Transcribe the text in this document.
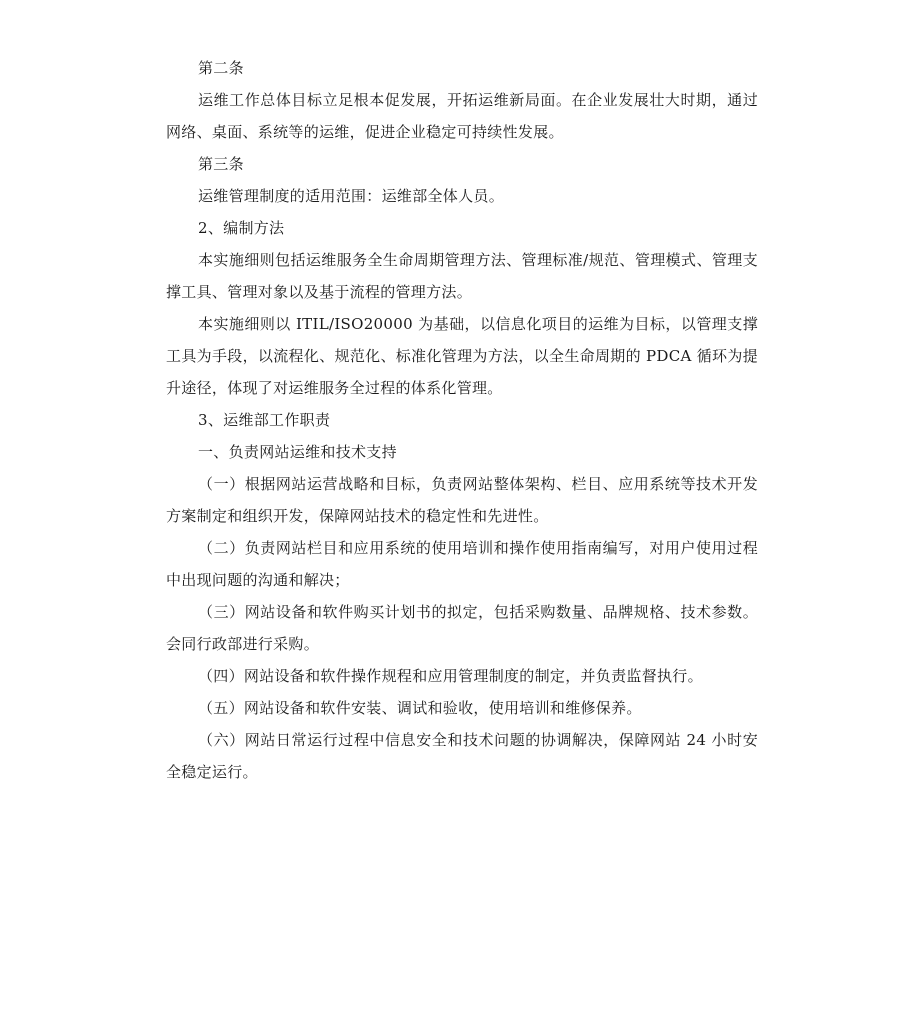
第二条

运维工作总体目标立足根本促发展，开拓运维新局面。在企业发展壮大时期，通过网络、桌面、系统等的运维，促进企业稳定可持续性发展。

第三条

运维管理制度的适用范围：运维部全体人员。

2、编制方法

本实施细则包括运维服务全生命周期管理方法、管理标准/规范、管理模式、管理支撑工具、管理对象以及基于流程的管理方法。

本实施细则以 ITIL/ISO20000 为基础，以信息化项目的运维为目标，以管理支撑工具为手段，以流程化、规范化、标准化管理为方法，以全生命周期的 PDCA 循环为提升途径，体现了对运维服务全过程的体系化管理。

3、运维部工作职责

一、负责网站运维和技术支持

（一）根据网站运营战略和目标，负责网站整体架构、栏目、应用系统等技术开发方案制定和组织开发，保障网站技术的稳定性和先进性。

（二）负责网站栏目和应用系统的使用培训和操作使用指南编写，对用户使用过程中出现问题的沟通和解决；

（三）网站设备和软件购买计划书的拟定，包括采购数量、品牌规格、技术参数。会同行政部进行采购。

（四）网站设备和软件操作规程和应用管理制度的制定，并负责监督执行。

（五）网站设备和软件安装、调试和验收，使用培训和维修保养。

（六）网站日常运行过程中信息安全和技术问题的协调解决，保障网站 24 小时安全稳定运行。
